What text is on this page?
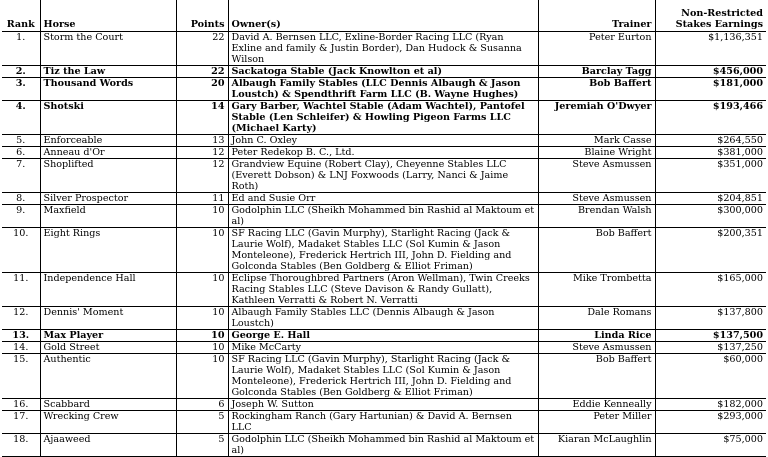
Rank	Horse	Points	Owner(s)	Trainer	Non-Restricted
Stakes Earnings
1.	Storm the Court	22	David A. Bernsen LLC, Exline-Border Racing LLC (Ryan Exline and family & Justin Border), Dan Hudock & Susanna Wilson	Peter Eurton	$1,136,351
2.	Tiz the Law	22	Sackatoga Stable (Jack Knowlton et al)	Barclay Tagg	$456,000
3.	Thousand Words	20	Albaugh Family Stables (LLC Dennis Albaugh & Jason Loustch) & Spendthrift Farm LLC (B. Wayne Hughes)	Bob Baffert	$181,000
4.	Shotski	14	Gary Barber, Wachtel Stable (Adam Wachtel), Pantofel Stable (Len Schleifer) & Howling Pigeon Farms LLC (Michael Karty)	Jeremiah O'Dwyer	$193,466
5.	Enforceable	13	John C. Oxley	Mark Casse	$264,550
6.	Anneau d'Or	12	Peter Redekop B. C., Ltd.	Blaine Wright	$381,000
7.	Shoplifted	12	Grandview Equine (Robert Clay), Cheyenne Stables LLC (Everett Dobson) & LNJ Foxwoods (Larry, Nanci & Jaime Roth)	Steve Asmussen	$351,000
8.	Silver Prospector	11	Ed and Susie Orr	Steve Asmussen	$204,851
9.	Maxfield	10	Godolphin LLC (Sheikh Mohammed bin Rashid al Maktoum et al)	Brendan Walsh	$300,000
10.	Eight Rings	10	SF Racing LLC (Gavin Murphy), Starlight Racing (Jack & Laurie Wolf), Madaket Stables LLC (Sol Kumin & Jason Monteleone), Frederick Hertrich III, John D. Fielding and Golconda Stables (Ben Goldberg & Elliot Friman)	Bob Baffert	$200,351
11.	Independence Hall	10	Eclipse Thoroughbred Partners (Aron Wellman), Twin Creeks Racing Stables LLC (Steve Davison & Randy Gullatt), Kathleen Verratti & Robert N. Verratti	Mike Trombetta	$165,000
12.	Dennis' Moment	10	Albaugh Family Stables LLC (Dennis Albaugh & Jason Loustch)	Dale Romans	$137,800
13.	Max Player	10	George E. Hall	Linda Rice	$137,500
14.	Gold Street	10	Mike McCarty	Steve Asmussen	$137,250
15.	Authentic	10	SF Racing LLC (Gavin Murphy), Starlight Racing (Jack & Laurie Wolf), Madaket Stables LLC (Sol Kumin & Jason Monteleone), Frederick Hertrich III, John D. Fielding and Golconda Stables (Ben Goldberg & Elliot Friman)	Bob Baffert	$60,000
16.	Scabbard	6	Joseph W. Sutton	Eddie Kenneally	$182,000
17.	Wrecking Crew	5	Rockingham Ranch (Gary Hartunian) & David A. Bernsen LLC	Peter Miller	$293,000
18.	Ajaaweed	5	Godolphin LLC (Sheikh Mohammed bin Rashid al Maktoum et al)	Kiaran McLaughlin	$75,000
